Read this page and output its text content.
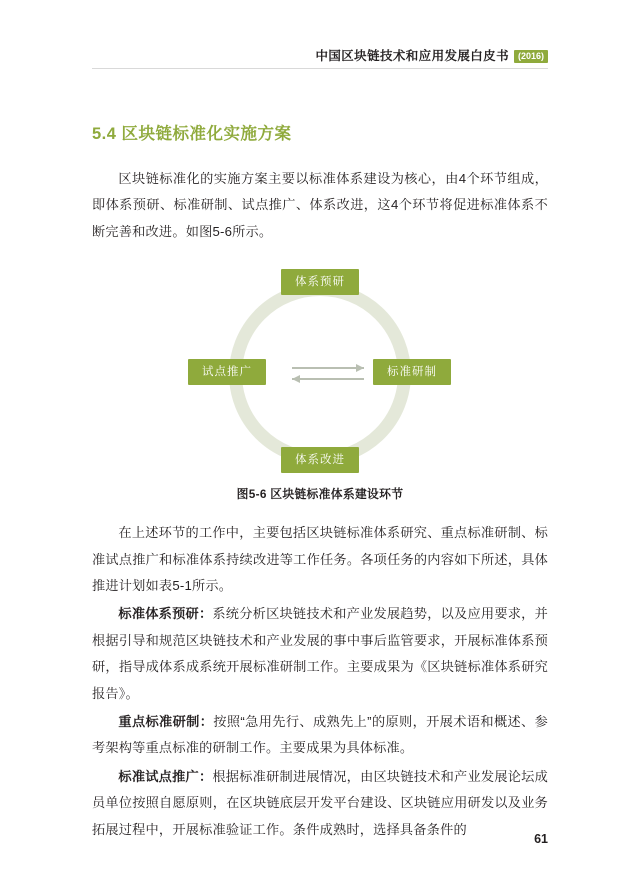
中国区块链技术和应用发展白皮书	(2016)
5.4 区块链标准化实施方案

区块链标准化的实施方案主要以标准体系建设为核心，由4个环节组成，即体系预研、标准研制、试点推广、体系改进，这4个环节将促进标准体系不断完善和改进。如图5-6所示。

体系预研
标准研制
体系改进
试点推广
图5-6 区块链标准体系建设环节

在上述环节的工作中，主要包括区块链标准体系研究、重点标准研制、标准试点推广和标准体系持续改进等工作任务。各项任务的内容如下所述，具体推进计划如表5-1所示。

标准体系预研：系统分析区块链技术和产业发展趋势，以及应用要求，并根据引导和规范区块链技术和产业发展的事中事后监管要求，开展标准体系预研，指导成体系成系统开展标准研制工作。主要成果为《区块链标准体系研究报告》。

重点标准研制：按照“急用先行、成熟先上”的原则，开展术语和概述、参考架构等重点标准的研制工作。主要成果为具体标准。

标准试点推广：根据标准研制进展情况，由区块链技术和产业发展论坛成员单位按照自愿原则，在区块链底层开发平台建设、区块链应用研发以及业务拓展过程中，开展标准验证工作。条件成熟时，选择具备条件的

61
